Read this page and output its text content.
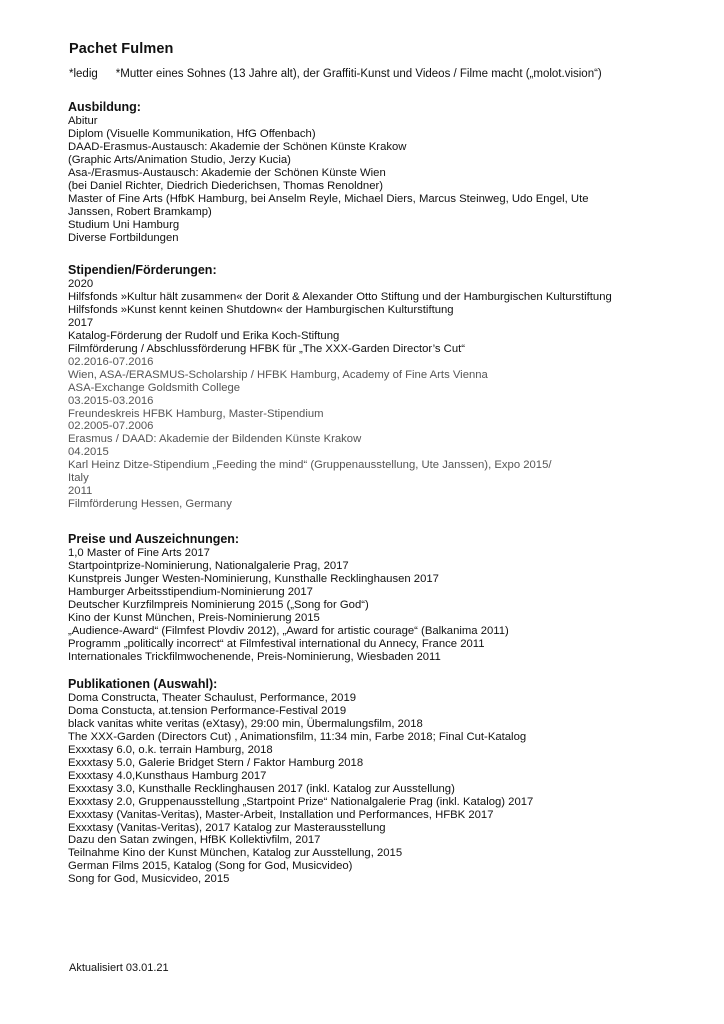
Pachet Fulmen
*ledig *Mutter eines Sohnes (13 Jahre alt), der Graffiti-Kunst und Videos / Filme macht („molot.vision“)
Ausbildung:
Abitur
Diplom (Visuelle Kommunikation, HfG Offenbach)
DAAD-Erasmus-Austausch: Akademie der Schönen Künste Krakow
(Graphic Arts/Animation Studio, Jerzy Kucia)
Asa-/Erasmus-Austausch: Akademie der Schönen Künste Wien
(bei Daniel Richter, Diedrich Diederichsen, Thomas Renoldner)
Master of Fine Arts (HfbK Hamburg, bei Anselm Reyle, Michael Diers, Marcus Steinweg, Udo Engel, Ute
Janssen, Robert Bramkamp)
Studium Uni Hamburg
Diverse Fortbildungen
Stipendien/Förderungen:
2020
Hilfsfonds »Kultur hält zusammen« der Dorit & Alexander Otto Stiftung und der Hamburgischen Kulturstiftung
Hilfsfonds »Kunst kennt keinen Shutdown« der Hamburgischen Kulturstiftung
2017
Katalog-Förderung der Rudolf und Erika Koch-Stiftung
Filmförderung / Abschlussförderung HFBK für „The XXX-Garden Director’s Cut“
02.2016-07.2016
Wien, ASA-/ERASMUS-Scholarship / HFBK Hamburg, Academy of Fine Arts Vienna
ASA-Exchange Goldsmith College
03.2015-03.2016
Freundeskreis HFBK Hamburg, Master-Stipendium
02.2005-07.2006
Erasmus / DAAD: Akademie der Bildenden Künste Krakow
04.2015
Karl Heinz Ditze-Stipendium „Feeding the mind“ (Gruppenausstellung, Ute Janssen), Expo 2015/
Italy
2011
Filmförderung Hessen, Germany
Preise und Auszeichnungen:
1,0 Master of Fine Arts 2017
Startpointprize-Nominierung, Nationalgalerie Prag, 2017
Kunstpreis Junger Westen-Nominierung, Kunsthalle Recklinghausen 2017
Hamburger Arbeitsstipendium-Nominierung 2017
Deutscher Kurzfilmpreis Nominierung 2015 („Song for God“)
Kino der Kunst München, Preis-Nominierung 2015
„Audience-Award“ (Filmfest Plovdiv 2012), „Award for artistic courage“ (Balkanima 2011)
Programm „politically incorrect“ at Filmfestival international du Annecy, France 2011
Internationales Trickfilmwochenende, Preis-Nominierung, Wiesbaden 2011
Publikationen (Auswahl):
Doma Constructa, Theater Schaulust, Performance, 2019
Doma Constucta, at.tension Performance-Festival 2019
black vanitas white veritas (eXtasy), 29:00 min, Übermalungsfilm, 2018
The XXX-Garden (Directors Cut) , Animationsfilm, 11:34 min, Farbe 2018; Final Cut-Katalog
Exxxtasy 6.0, o.k. terrain Hamburg, 2018
Exxxtasy 5.0, Galerie Bridget Stern / Faktor Hamburg 2018
Exxxtasy 4.0,Kunsthaus Hamburg 2017
Exxxtasy 3.0, Kunsthalle Recklinghausen 2017 (inkl. Katalog zur Ausstellung)
Exxxtasy 2.0, Gruppenausstellung „Startpoint Prize“ Nationalgalerie Prag (inkl. Katalog) 2017
Exxxtasy (Vanitas-Veritas), Master-Arbeit, Installation und Performances, HFBK 2017
Exxxtasy (Vanitas-Veritas), 2017 Katalog zur Masterausstellung
Dazu den Satan zwingen, HfBK Kollektivfilm, 2017
Teilnahme Kino der Kunst München, Katalog zur Ausstellung, 2015
German Films 2015, Katalog (Song for God, Musicvideo)
Song for God, Musicvideo, 2015
Aktualisiert 03.01.21
